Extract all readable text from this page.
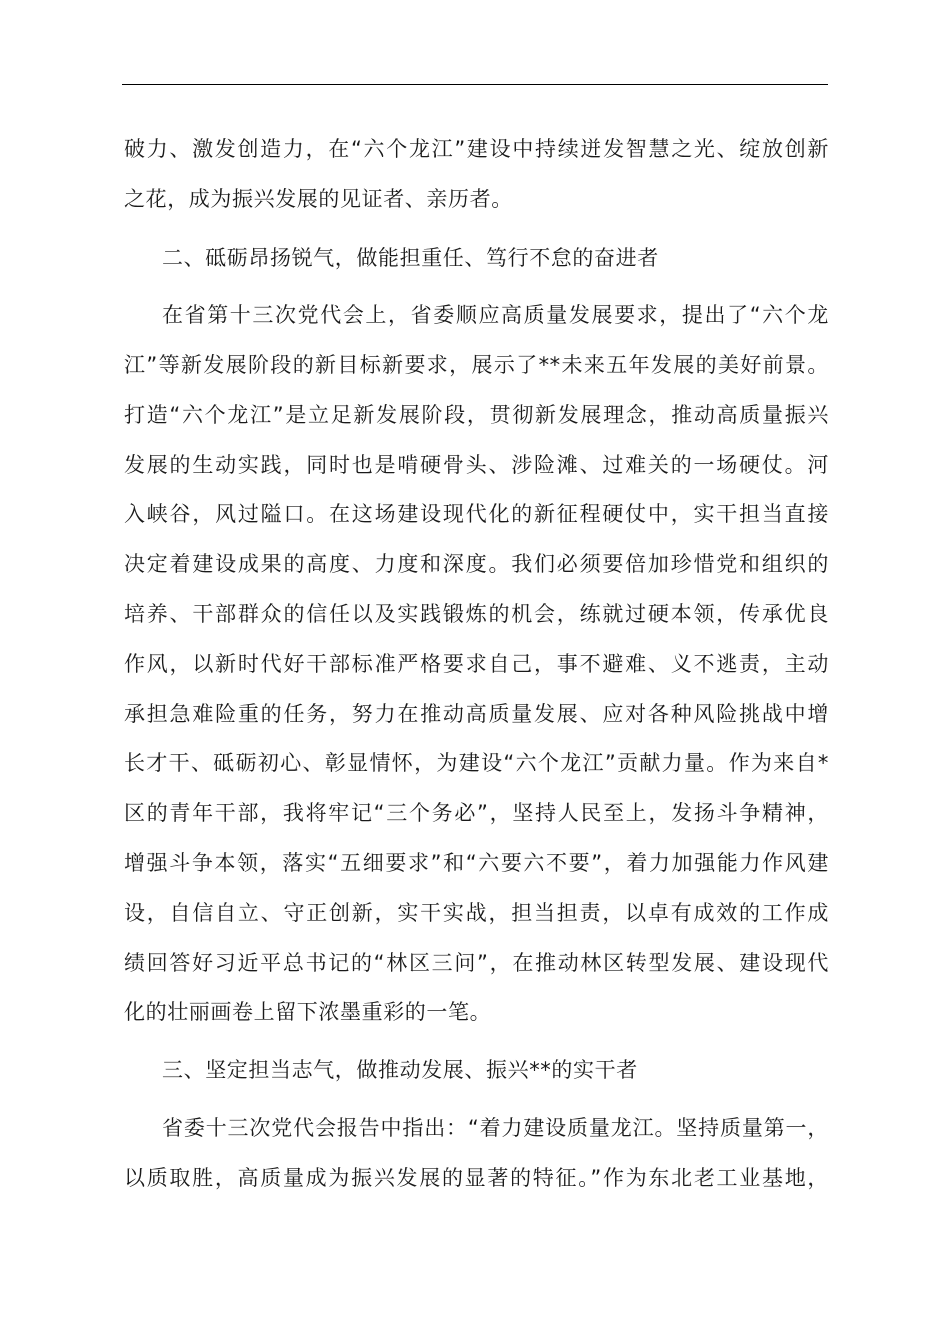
破力、激发创造力，在“六个龙江”建设中持续迸发智慧之光、绽放创新
之花，成为振兴发展的见证者、亲历者。
二、砥砺昂扬锐气，做能担重任、笃行不怠的奋进者
在省第十三次党代会上，省委顺应高质量发展要求，提出了“六个龙
江”等新发展阶段的新目标新要求，展示了**未来五年发展的美好前景。
打造“六个龙江”是立足新发展阶段，贯彻新发展理念，推动高质量振兴
发展的生动实践，同时也是啃硬骨头、涉险滩、过难关的一场硬仗。河
入峡谷，风过隘口。在这场建设现代化的新征程硬仗中，实干担当直接
决定着建设成果的高度、力度和深度。我们必须要倍加珍惜党和组织的
培养、干部群众的信任以及实践锻炼的机会，练就过硬本领，传承优良
作风，以新时代好干部标准严格要求自己，事不避难、义不逃责，主动
承担急难险重的任务，努力在推动高质量发展、应对各种风险挑战中增
长才干、砥砺初心、彰显情怀，为建设“六个龙江”贡献力量。作为来自*
区的青年干部，我将牢记“三个务必”，坚持人民至上，发扬斗争精神，
增强斗争本领，落实“五细要求”和“六要六不要”，着力加强能力作风建
设，自信自立、守正创新，实干实战，担当担责，以卓有成效的工作成
绩回答好习近平总书记的“林区三问”，在推动林区转型发展、建设现代
化的壮丽画卷上留下浓墨重彩的一笔。
三、坚定担当志气，做推动发展、振兴**的实干者
省委十三次党代会报告中指出：“着力建设质量龙江。坚持质量第一，
以质取胜，高质量成为振兴发展的显著的特征。”作为东北老工业基地，
